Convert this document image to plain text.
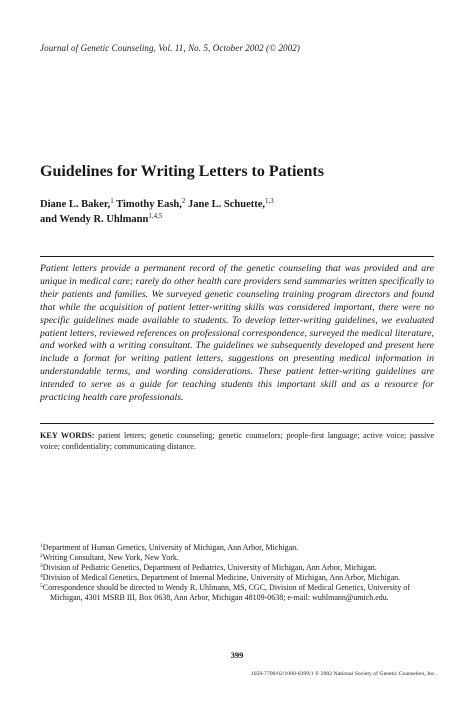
Journal of Genetic Counseling, Vol. 11, No. 5, October 2002 (© 2002)
Guidelines for Writing Letters to Patients
Diane L. Baker,$^1$ Timothy Eash,$^2$ Jane L. Schuette,$^{1,3}$
and Wendy R. Uhlmann$^{1,4,5}$

Patient letters provide a permanent record of the genetic counseling that was provided and are unique in medical care; rarely do other health care providers send summaries written specifically to their patients and families. We surveyed genetic counseling training program directors and found that while the acquisition of patient letter-writing skills was considered important, there were no specific guidelines made available to students. To develop letter-writing guidelines, we evaluated patient letters, reviewed references on professional correspondence, surveyed the medical literature, and worked with a writing consultant. The guidelines we subsequently developed and present here include a format for writing patient letters, suggestions on presenting medical information in understandable terms, and wording considerations. These patient letter-writing guidelines are intended to serve as a guide for teaching students this important skill and as a resource for practicing health care professionals.

KEY WORDS: patient letters; genetic counseling; genetic counselors; people-first language; active voice; passive voice; confidentiality; communicating distance.

$^1$Department of Human Genetics, University of Michigan, Ann Arbor, Michigan.
$^2$Writing Consultant, New York, New York.
$^3$Division of Pediatric Genetics, Department of Pediatrics, University of Michigan, Ann Arbor, Michigan.
$^4$Division of Medical Genetics, Department of Internal Medicine, University of Michigan, Ann Arbor, Michigan.
$^5$Correspondence should be directed to Wendy R. Uhlmann, MS, CGC, Division of Medical Genetics, University of Michigan, 4301 MSRB III, Box 0638, Ann Arbor, Michigan 48109-0638; e-mail: wuhlmann@umich.edu.
399
1059-7700/02/1000-0399/1 © 2002 National Society of Genetic Counselors, Inc.
